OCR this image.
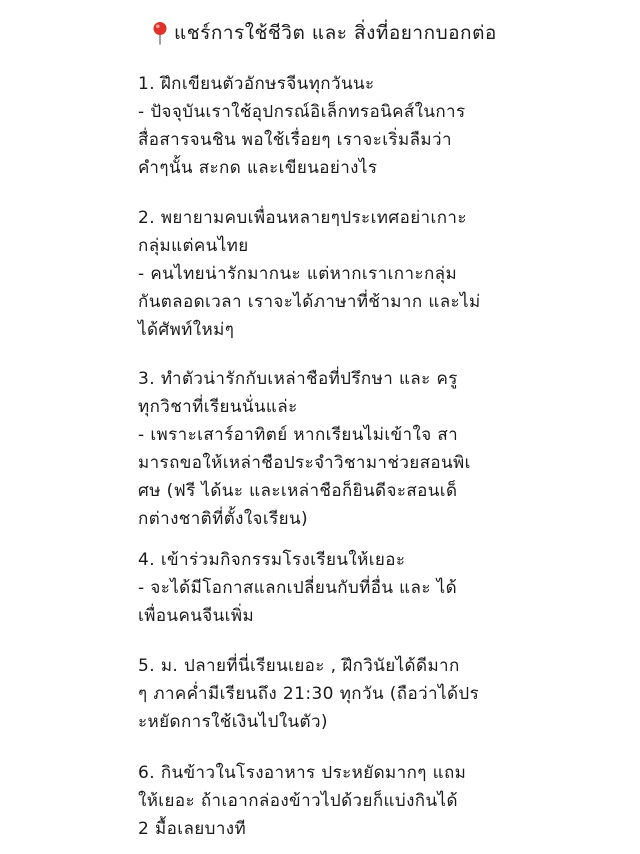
แชร์การใช้ชีวิต และ สิ่งที่อยากบอกต่อ
1. ฝึกเขียนตัวอักษรจีนทุกวันนะ
- ปัจจุบันเราใช้อุปกรณ์อิเล็กทรอนิคส์ในการ
สื่อสารจนชิน พอใช้เรื่อยๆ เราจะเริ่มลืมว่า
คำๆนั้น สะกด และเขียนอย่างไร
2. พยายามคบเพื่อนหลายๆประเทศอย่าเกาะ
กลุ่มแต่คนไทย
- คนไทยน่ารักมากนะ แต่หากเราเกาะกลุ่ม
กันตลอดเวลา เราจะได้ภาษาที่ช้ามาก และไม่
ได้ศัพท์ใหม่ๆ
3. ทำตัวน่ารักกับเหล่าชือที่ปรึกษา และ ครู
ทุกวิชาที่เรียนนั่นแล่ะ
- เพราะเสาร์อาทิตย์ หากเรียนไม่เข้าใจ สา
มารถขอให้เหล่าชือประจำวิชามาช่วยสอนพิเ
ศษ (ฟรี ได้นะ และเหล่าชือก็ยินดีจะสอนเด็
กต่างชาติที่ตั้งใจเรียน)
4. เข้าร่วมกิจกรรมโรงเรียนให้เยอะ
- จะได้มีโอกาสแลกเปลี่ยนกับที่อื่น และ ได้
เพื่อนคนจีนเพิ่ม
5. ม. ปลายที่นี่เรียนเยอะ , ฝึกวินัยได้ดีมาก
ๆ ภาคค่ำมีเรียนถึง 21:30 ทุกวัน (ถือว่าได้ปร
ะหยัดการใช้เงินไปในตัว)
6. กินข้าวในโรงอาหาร ประหยัดมากๆ แถม
ให้เยอะ ถ้าเอากล่องข้าวไปด้วยก็แบ่งกินได้
2 มื้อเลยบางที
